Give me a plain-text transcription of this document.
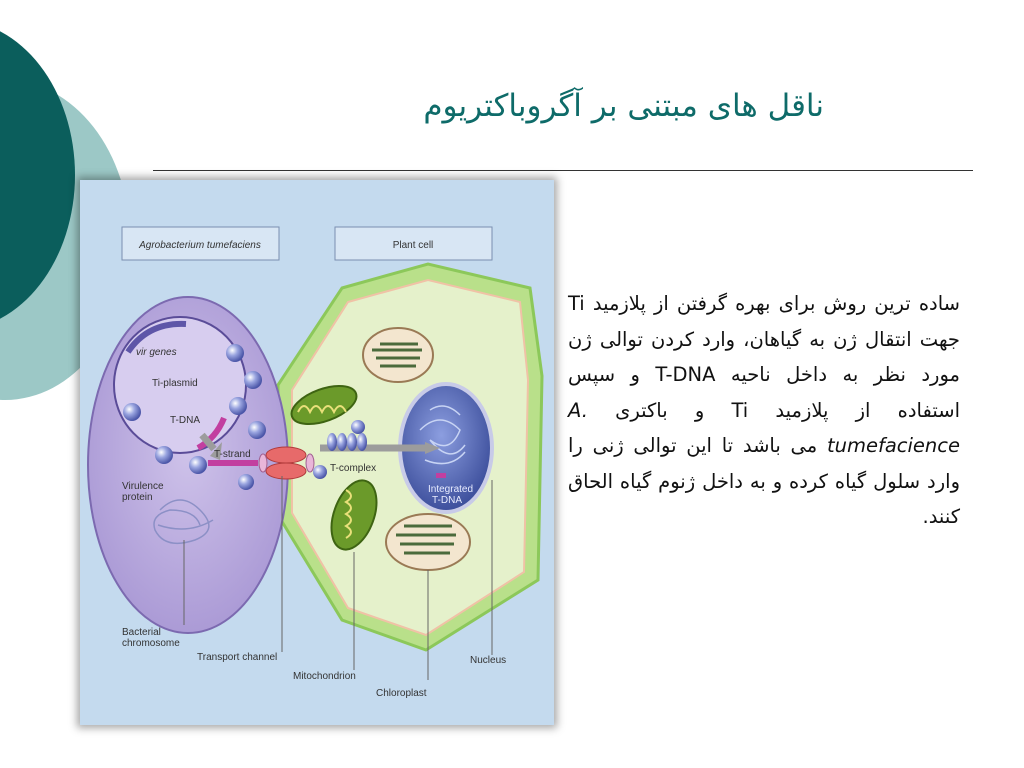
ناقل های مبتنی بر آگروباکتریوم
Agrobacterium tumefaciens	Plant cell
vir genes
Ti-plasmid
T-DNA
T-strand
Virulence
protein
T-complex
Integrated
T-DNA
Bacterial
chromosome
Transport channel
Mitochondrion
Chloroplast
Nucleus
ساده ترین روش برای بهره گرفتن از پلازمید Ti جهت انتقال ژن به گیاهان، وارد کردن توالی ژن مورد نظر به داخل ناحیه T-DNA و سپس استفاده از پلازمید Ti و باکتری A. tumefacience می باشد تا این توالی ژنی را وارد سلول گیاه کرده و به داخل ژنوم گیاه الحاق کنند.
